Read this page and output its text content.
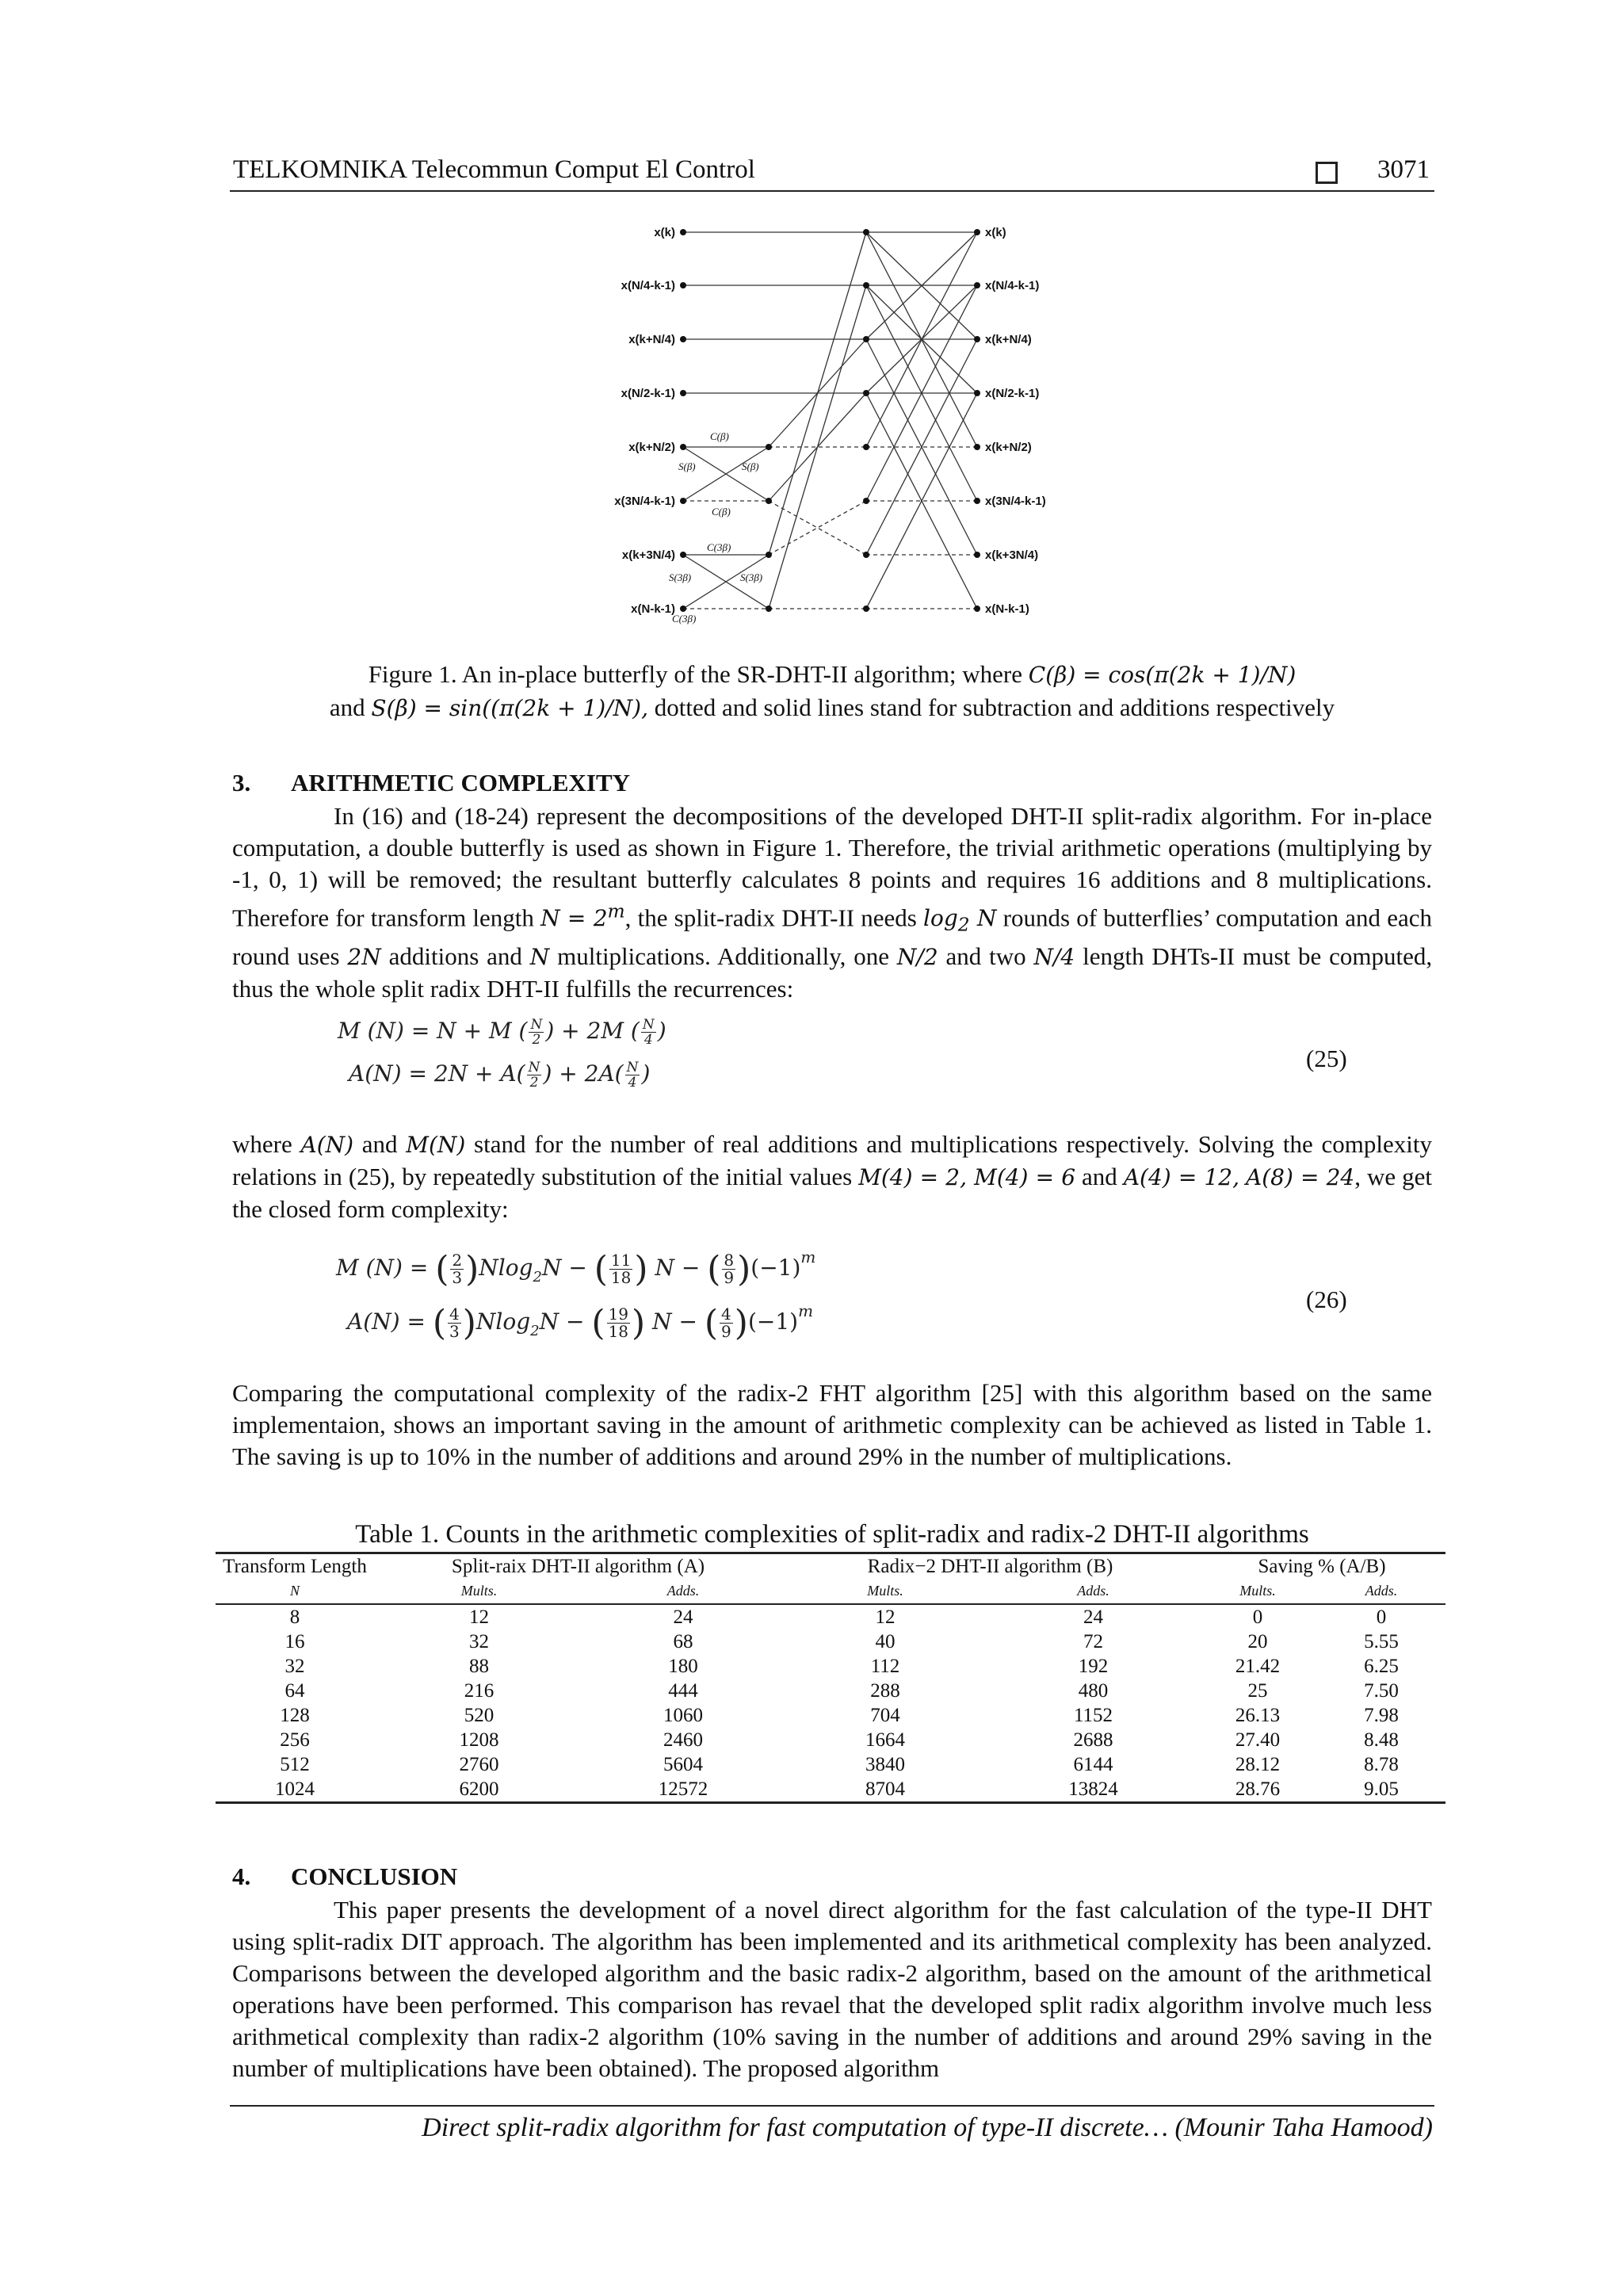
TELKOMNIKA Telecommun Comput El Control	3071
x(k)
x(N/4-k-1)
x(k+N/4)
x(N/2-k-1)
x(k+N/2)
x(3N/4-k-1)
x(k+3N/4)
x(N-k-1)
x(k)
x(N/4-k-1)
x(k+N/4)
x(N/2-k-1)
x(k+N/2)
x(3N/4-k-1)
x(k+3N/4)
x(N-k-1)
C(β)
S(β)	S(β)
C(β)
C(3β)
S(3β)	S(3β)
C(3β)
Figure 1. An in-place butterfly of the SR-DHT-II algorithm; where C(β) = cos(π(2k + 1)/N)
and S(β) = sin((π(2k + 1)/N), dotted and solid lines stand for subtraction and additions respectively
3. ARITHMETIC COMPLEXITY

In (16) and (18-24) represent the decompositions of the developed DHT-II split-radix algorithm. For in-place computation, a double butterfly is used as shown in Figure 1. Therefore, the trivial arithmetic operations (multiplying by -1, 0, 1) will be removed; the resultant butterfly calculates 8 points and requires 16 additions and 8 multiplications. Therefore for transform length $N = 2^m$, the split-radix DHT-II needs $\log_2 N$ rounds of butterflies’ computation and each round uses 2N additions and N multiplications. Additionally, one N/2 and two N/4 length DHTs-II must be computed, thus the whole split radix DHT-II fulfills the recurrences:

M (N) = N + M ( $\frac{N}{2}$ ) + 2M ( $\frac{N}{4}$ )
$A(N) = 2N + A( \frac{N}{2}$ ) + $2A( \frac{N}{4}$ )
(25)

where A(N) and M(N) stand for the number of real additions and multiplications respectively. Solving the complexity relations in (25), by repeatedly substitution of the initial values M(4) = 2, M(4) = 6 and A(4) = 12, A(8) = 24, we get the closed form complexity:

M (N) = ( $\frac{2}{3} )Nlog_2N$ − ( $\frac{11}{18}$ ) N − ( $\frac{8}{9} )(-1)^m$
A(N) = ( $\frac{4}{3} )Nlog_2N$ − ( $\frac{19}{18}$ ) N − ( $\frac{4}{9} )(-1)^m$	(26)

Comparing the computational complexity of the radix-2 FHT algorithm [25] with this algorithm based on the same implementaion, shows an important saving in the amount of arithmetic complexity can be achieved as listed in Table 1. The saving is up to 10% in the number of additions and around 29% in the number of multiplications.

Table 1. Counts in the arithmetic complexities of split-radix and radix-2 DHT-II algorithms
Transform Length	Split-raix DHT-II algorithm (A)		Radix−2 DHT-II algorithm (B)		Saving % (A/B)	
N	Mults.	Adds.	Mults.	Adds.	Mults.	Adds.
8	12	24	12	24	0	0
16	32	68	40	72	20	5.55
32	88	180	112	192	21.42	6.25
64	216	444	288	480	25	7.50
128	520	1060	704	1152	26.13	7.98
256	1208	2460	1664	2688	27.40	8.48
512	2760	5604	3840	6144	28.12	8.78
1024	6200	12572	8704	13824	28.76	9.05
4. CONCLUSION

This paper presents the development of a novel direct algorithm for the fast calculation of the type-II DHT using split-radix DIT approach. The algorithm has been implemented and its arithmetical complexity has been analyzed. Comparisons between the developed algorithm and the basic radix-2 algorithm, based on the amount of the arithmetical operations have been performed. This comparison has revael that the developed split radix algorithm involve much less arithmetical complexity than radix-2 algorithm (10% saving in the number of additions and around 29% saving in the number of multiplications have been obtained). The proposed algorithm

Direct split-radix algorithm for fast computation of type-II discrete… (Mounir Taha Hamood)
